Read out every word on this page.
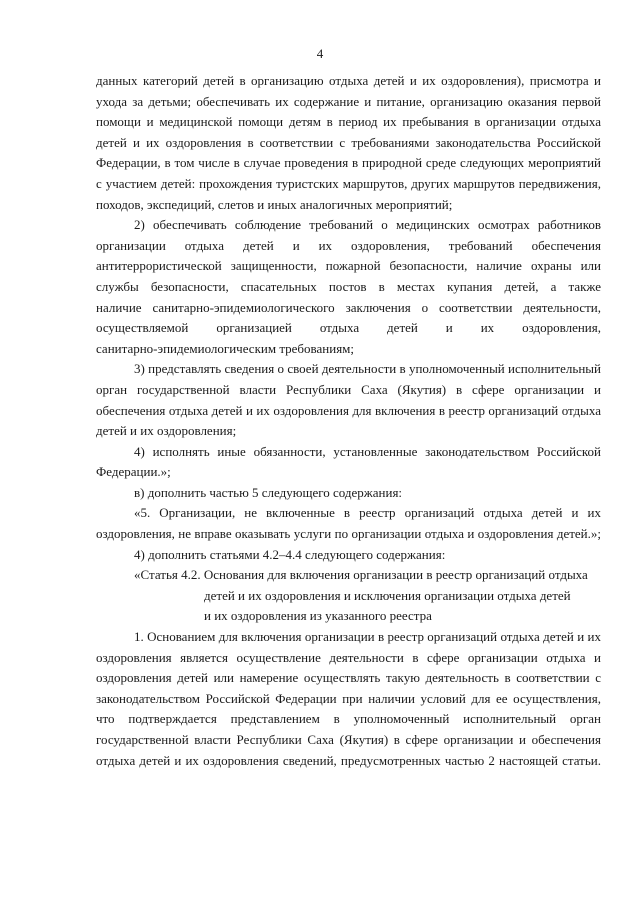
4
данных категорий детей в организацию отдыха детей и их оздоровления), присмотра и
ухода за детьми; обеспечивать их содержание и питание, организацию оказания первой
помощи и медицинской помощи детям в период их пребывания в организации отдыха
детей и их оздоровления в соответствии с требованиями законодательства Российской
Федерации, в том числе в случае проведения в природной среде следующих мероприятий
с участием детей: прохождения туристских маршрутов, других маршрутов передвижения,
походов, экспедиций, слетов и иных аналогичных мероприятий;
2) обеспечивать соблюдение требований о медицинских осмотрах работников
организации отдыха детей и их оздоровления, требований обеспечения
антитеррористической защищенности, пожарной безопасности, наличие охраны или
службы безопасности, спасательных постов в местах купания детей, а также
наличие санитарно-эпидемиологического заключения о соответствии деятельности,
осуществляемой организацией отдыха детей и их оздоровления,
санитарно-эпидемиологическим требованиям;
3) представлять сведения о своей деятельности в уполномоченный исполнительный
орган государственной власти Республики Саха (Якутия) в сфере организации и
обеспечения отдыха детей и их оздоровления для включения в реестр организаций отдыха
детей и их оздоровления;
4) исполнять иные обязанности, установленные законодательством Российской
Федерации.»;
в) дополнить частью 5 следующего содержания:
«5. Организации, не включенные в реестр организаций отдыха детей и их
оздоровления, не вправе оказывать услуги по организации отдыха и оздоровления детей.»;
4) дополнить статьями 4.2–4.4 следующего содержания:
«Статья 4.2. Основания для включения организации в реестр организаций отдыха
детей и их оздоровления и исключения организации отдыха детей
и их оздоровления из указанного реестра
1. Основанием для включения организации в реестр организаций отдыха детей и их
оздоровления является осуществление деятельности в сфере организации отдыха и
оздоровления детей или намерение осуществлять такую деятельность в соответствии с
законодательством Российской Федерации при наличии условий для ее осуществления,
что подтверждается представлением в уполномоченный исполнительный орган
государственной власти Республики Саха (Якутия) в сфере организации и обеспечения
отдыха детей и их оздоровления сведений, предусмотренных частью 2 настоящей статьи.
